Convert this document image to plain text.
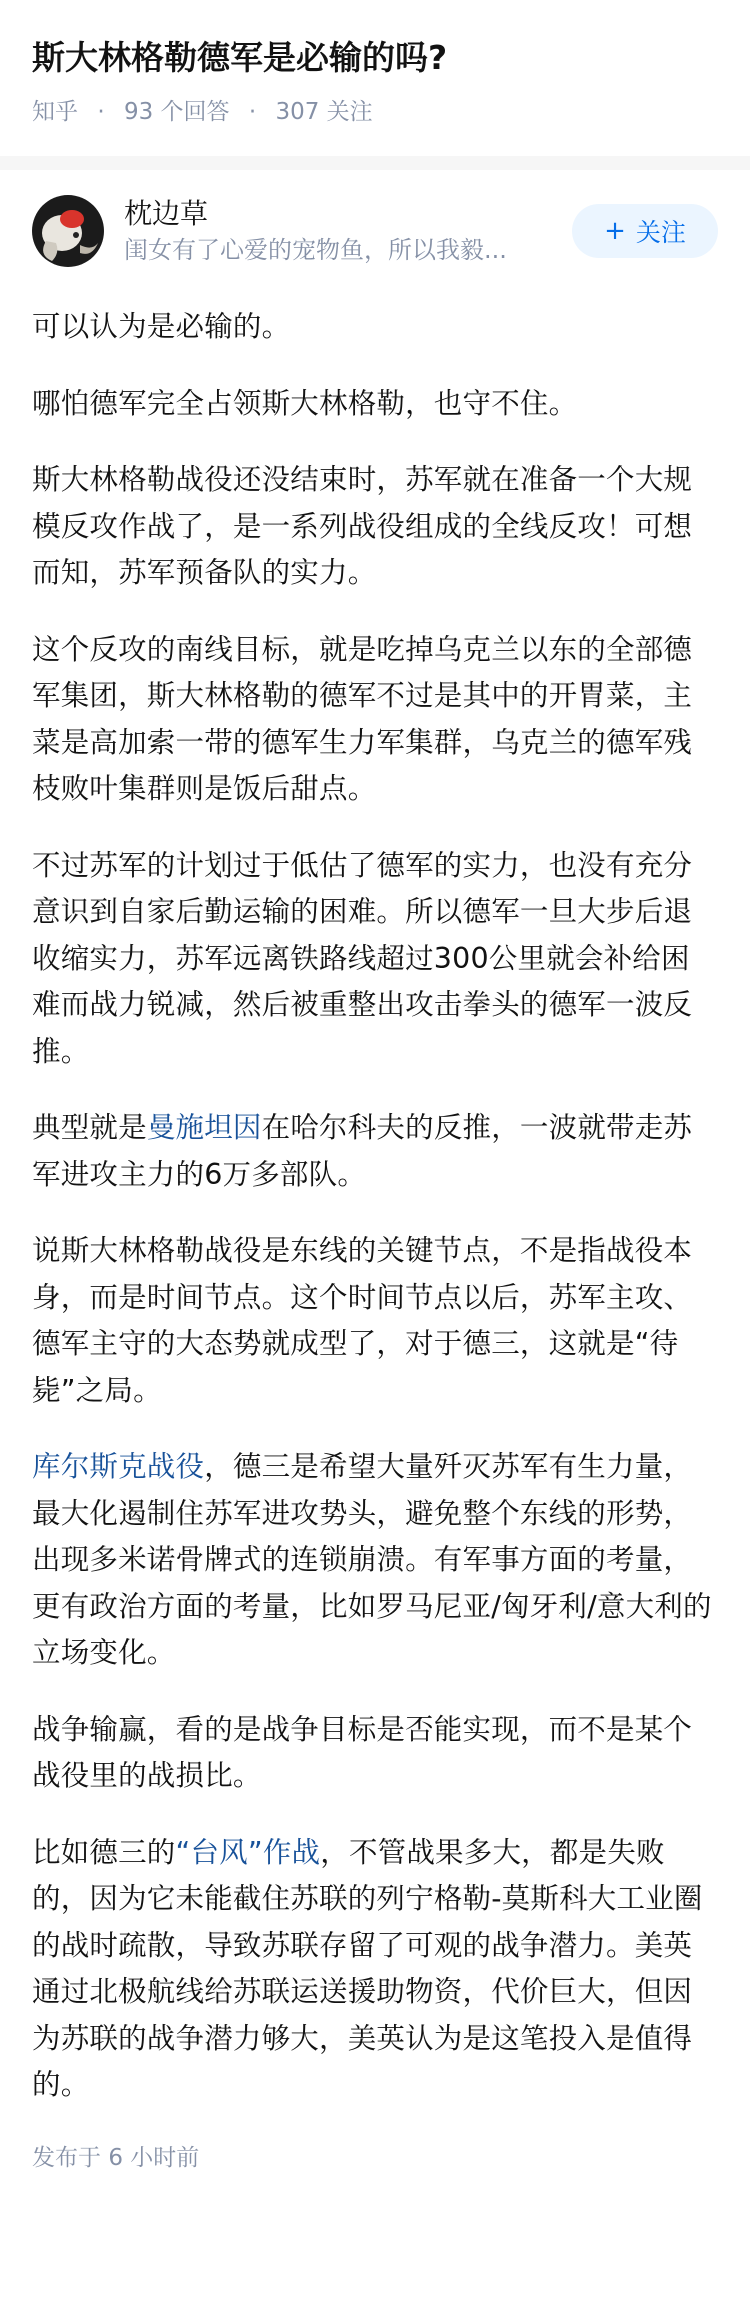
斯大林格勒德军是必输的吗?
知乎 · 93 个回答 · 307 关注
枕边草
闺女有了心爱的宠物鱼，所以我毅...
+ 关注

可以认为是必输的。

哪怕德军完全占领斯大林格勒，也守不住。

斯大林格勒战役还没结束时，苏军就在准备一个大规模反攻作战了，是一系列战役组成的全线反攻！可想而知，苏军预备队的实力。

这个反攻的南线目标，就是吃掉乌克兰以东的全部德军集团，斯大林格勒的德军不过是其中的开胃菜，主菜是高加索一带的德军生力军集群，乌克兰的德军残枝败叶集群则是饭后甜点。

不过苏军的计划过于低估了德军的实力，也没有充分意识到自家后勤运输的困难。所以德军一旦大步后退收缩实力，苏军远离铁路线超过300公里就会补给困难而战力锐减，然后被重整出攻击拳头的德军一波反推。

典型就是曼施坦因在哈尔科夫的反推，一波就带走苏军进攻主力的6万多部队。

说斯大林格勒战役是东线的关键节点，不是指战役本身，而是时间节点。这个时间节点以后，苏军主攻、德军主守的大态势就成型了，对于德三，这就是“待毙”之局。

库尔斯克战役，德三是希望大量歼灭苏军有生力量，最大化遏制住苏军进攻势头，避免整个东线的形势，出现多米诺骨牌式的连锁崩溃。有军事方面的考量，更有政治方面的考量，比如罗马尼亚/匈牙利/意大利的立场变化。

战争输赢，看的是战争目标是否能实现，而不是某个战役里的战损比。

比如德三的“台风”作战，不管战果多大，都是失败的，因为它未能截住苏联的列宁格勒-莫斯科大工业圈的战时疏散，导致苏联存留了可观的战争潜力。美英通过北极航线给苏联运送援助物资，代价巨大，但因为苏联的战争潜力够大，美英认为是这笔投入是值得的。

发布于 6 小时前
